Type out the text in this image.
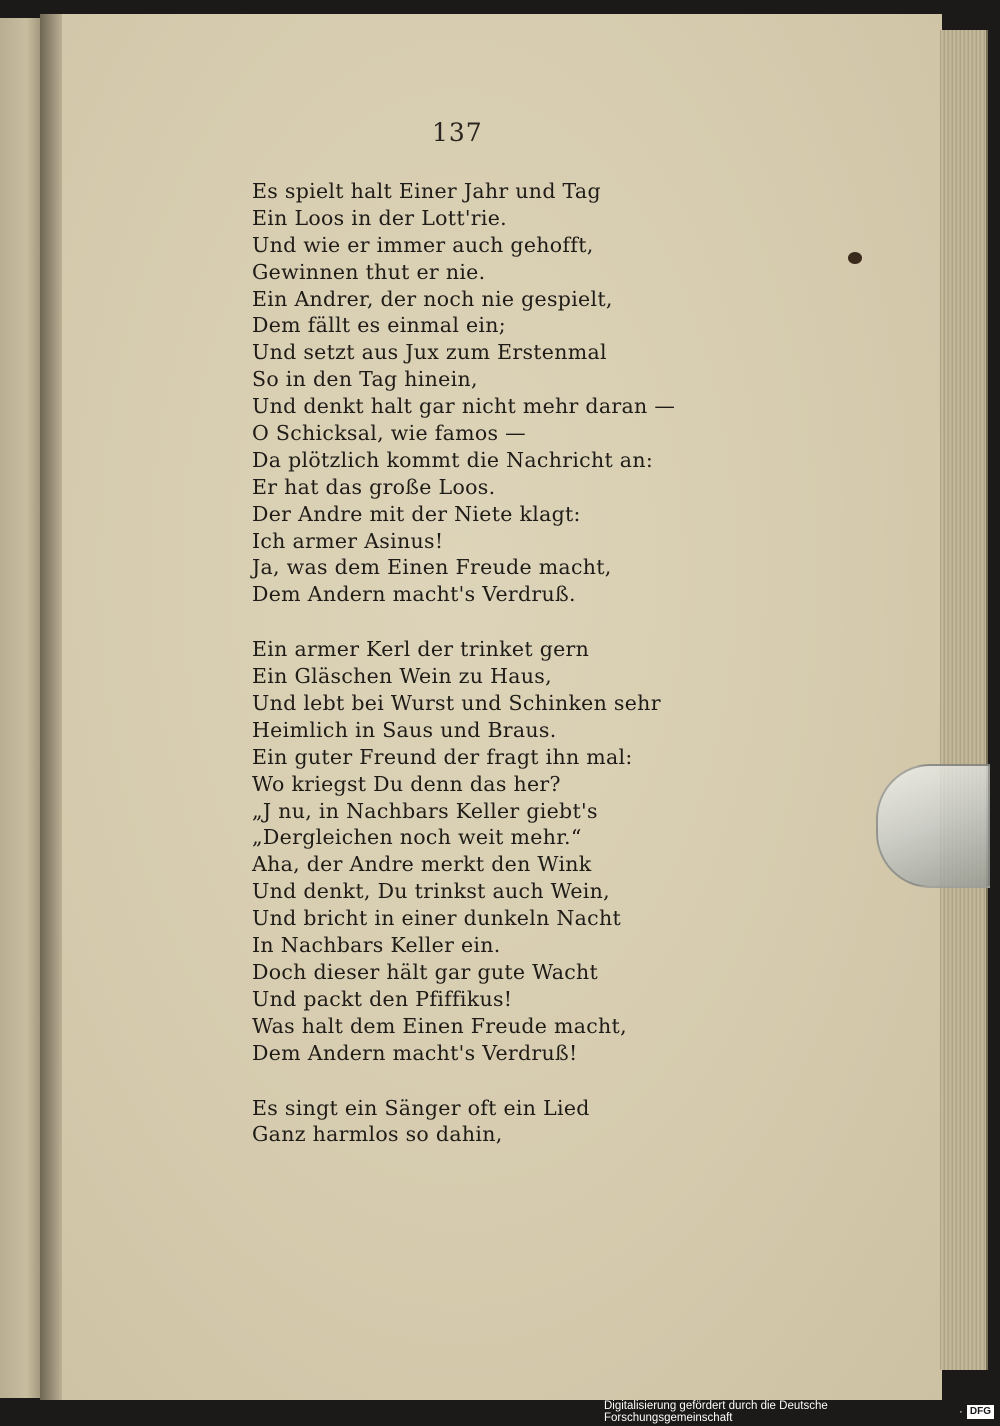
137
Es spielt halt Einer Jahr und Tag
Ein Loos in der Lott'rie.
Und wie er immer auch gehofft,
Gewinnen thut er nie.
Ein Andrer, der noch nie gespielt,
Dem fällt es einmal ein;
Und setzt aus Jux zum Erstenmal
So in den Tag hinein,
Und denkt halt gar nicht mehr daran —
O Schicksal, wie famos —
Da plötzlich kommt die Nachricht an:
Er hat das große Loos.
Der Andre mit der Niete klagt:
Ich armer Asinus!
Ja, was dem Einen Freude macht,
Dem Andern macht's Verdruß.
Ein armer Kerl der trinket gern
Ein Gläschen Wein zu Haus,
Und lebt bei Wurst und Schinken sehr
Heimlich in Saus und Braus.
Ein guter Freund der fragt ihn mal:
Wo kriegst Du denn das her?
„J nu, in Nachbars Keller giebt's
„Dergleichen noch weit mehr.“
Aha, der Andre merkt den Wink
Und denkt, Du trinkst auch Wein,
Und bricht in einer dunkeln Nacht
In Nachbars Keller ein.
Doch dieser hält gar gute Wacht
Und packt den Pfiffikus!
Was halt dem Einen Freude macht,
Dem Andern macht's Verdruß!
Es singt ein Sänger oft ein Lied
Ganz harmlos so dahin,
Digitalisierung gefördert durch die Deutsche Forschungsgemeinschaft	· DFG
